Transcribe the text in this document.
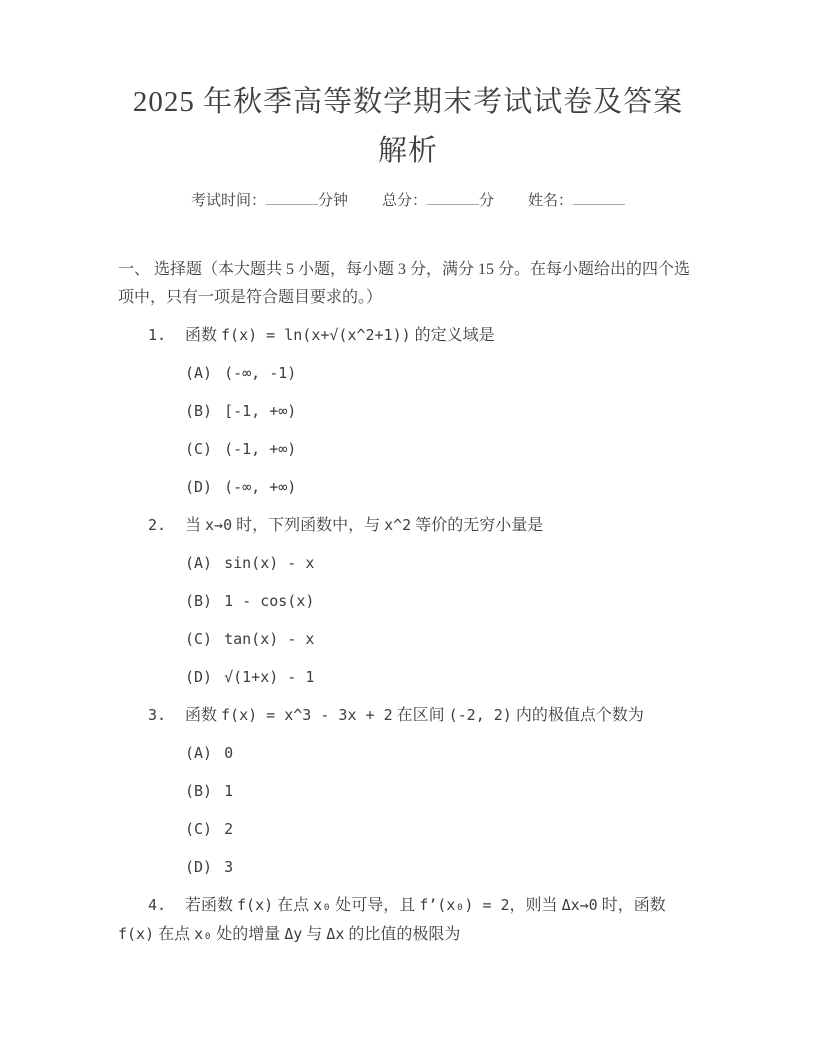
2025 年秋季高等数学期末考试试卷及答案解析
考试时间：	分钟 总分：	分 姓名：

一、 选择题（本大题共 5 小题，每小题 3 分，满分 15 分。在每小题给出的四个选项中，只有一项是符合题目要求的。）

1. 函数 f(x) = ln(x+√(x^2+1)) 的定义域是

(A) (-∞, -1)

(B) [-1, +∞)

(C) (-1, +∞)

(D) (-∞, +∞)

2. 当 x→0 时，下列函数中，与 x^2 等价的无穷小量是

(A) sin(x) - x

(B) 1 - cos(x)

(C) tan(x) - x

(D) √(1+x) - 1

3. 函数 f(x) = x^3 - 3x + 2 在区间 (-2, 2) 内的极值点个数为

(A) 0

(B) 1

(C) 2

(D) 3

4. 若函数 f(x) 在点 x₀ 处可导，且 f’(x₀) = 2，则当 Δx→0 时，函数 f(x) 在点 x₀ 处的增量 Δy 与 Δx 的比值的极限为
